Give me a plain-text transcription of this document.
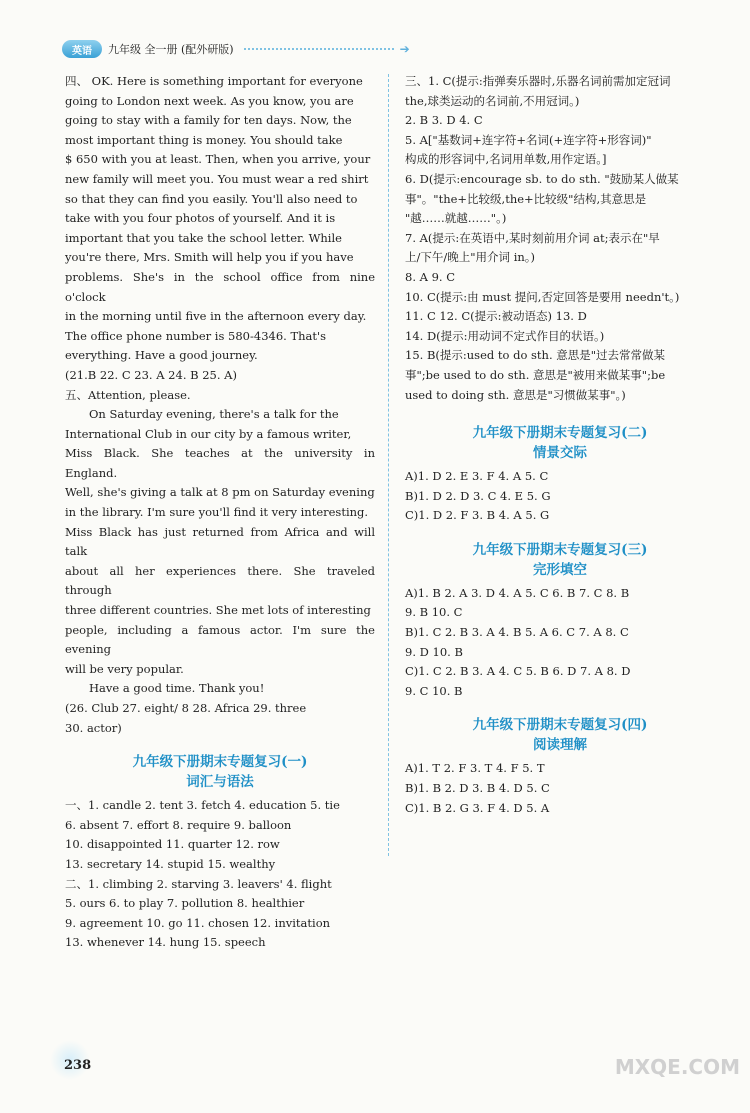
英语	九年级 全一册 (配外研版)	➔
四、 OK. Here is something important for everyone
going to London next week. As you know, you are
going to stay with a family for ten days. Now, the
most important thing is money. You should take
$ 650 with you at least. Then, when you arrive, your
new family will meet you. You must wear a red shirt
so that they can find you easily. You'll also need to
take with you four photos of yourself. And it is
important that you take the school letter. While
you're there, Mrs. Smith will help you if you have
problems. She's in the school office from nine o'clock
in the morning until five in the afternoon every day.
The office phone number is 580-4346. That's
everything. Have a good journey.
(21.B 22. C 23. A 24. B 25. A)
五、Attention, please.
On Saturday evening, there's a talk for the
International Club in our city by a famous writer,
Miss Black. She teaches at the university in England.
Well, she's giving a talk at 8 pm on Saturday evening
in the library. I'm sure you'll find it very interesting.
Miss Black has just returned from Africa and will talk
about all her experiences there. She traveled through
three different countries. She met lots of interesting
people, including a famous actor. I'm sure the evening
will be very popular.
Have a good time. Thank you!
(26. Club 27. eight/ 8 28. Africa 29. three
30. actor)
九年级下册期末专题复习(一)
词汇与语法
一、1. candle 2. tent 3. fetch 4. education 5. tie
6. absent 7. effort 8. require 9. balloon
10. disappointed 11. quarter 12. row
13. secretary 14. stupid 15. wealthy
二、1. climbing 2. starving 3. leavers' 4. flight
5. ours 6. to play 7. pollution 8. healthier
9. agreement 10. go 11. chosen 12. invitation
13. whenever 14. hung 15. speech
三、1. C(提示:指弹奏乐器时,乐器名词前需加定冠词
the,球类运动的名词前,不用冠词。)
2. B 3. D 4. C
5. A["基数词+连字符+名词(+连字符+形容词)"
构成的形容词中,名词用单数,用作定语。]
6. D(提示:encourage sb. to do sth. "鼓励某人做某
事"。"the+比较级,the+比较级"结构,其意思是
"越……就越……"。)
7. A(提示:在英语中,某时刻前用介词 at;表示在"早
上/下午/晚上"用介词 in。)
8. A 9. C
10. C(提示:由 must 提问,否定回答是要用 needn't。)
11. C 12. C(提示:被动语态) 13. D
14. D(提示:用动词不定式作目的状语。)
15. B(提示:used to do sth. 意思是"过去常常做某
事";be used to do sth. 意思是"被用来做某事";be
used to doing sth. 意思是"习惯做某事"。)
九年级下册期末专题复习(二)
情景交际
A)1. D 2. E 3. F 4. A 5. C
B)1. D 2. D 3. C 4. E 5. G
C)1. D 2. F 3. B 4. A 5. G
九年级下册期末专题复习(三)
完形填空
A)1. B 2. A 3. D 4. A 5. C 6. B 7. C 8. B
9. B 10. C
B)1. C 2. B 3. A 4. B 5. A 6. C 7. A 8. C
9. D 10. B
C)1. C 2. B 3. A 4. C 5. B 6. D 7. A 8. D
9. C 10. B
九年级下册期末专题复习(四)
阅读理解
A)1. T 2. F 3. T 4. F 5. T
B)1. B 2. D 3. B 4. D 5. C
C)1. B 2. G 3. F 4. D 5. A
238	MXQE.COM
